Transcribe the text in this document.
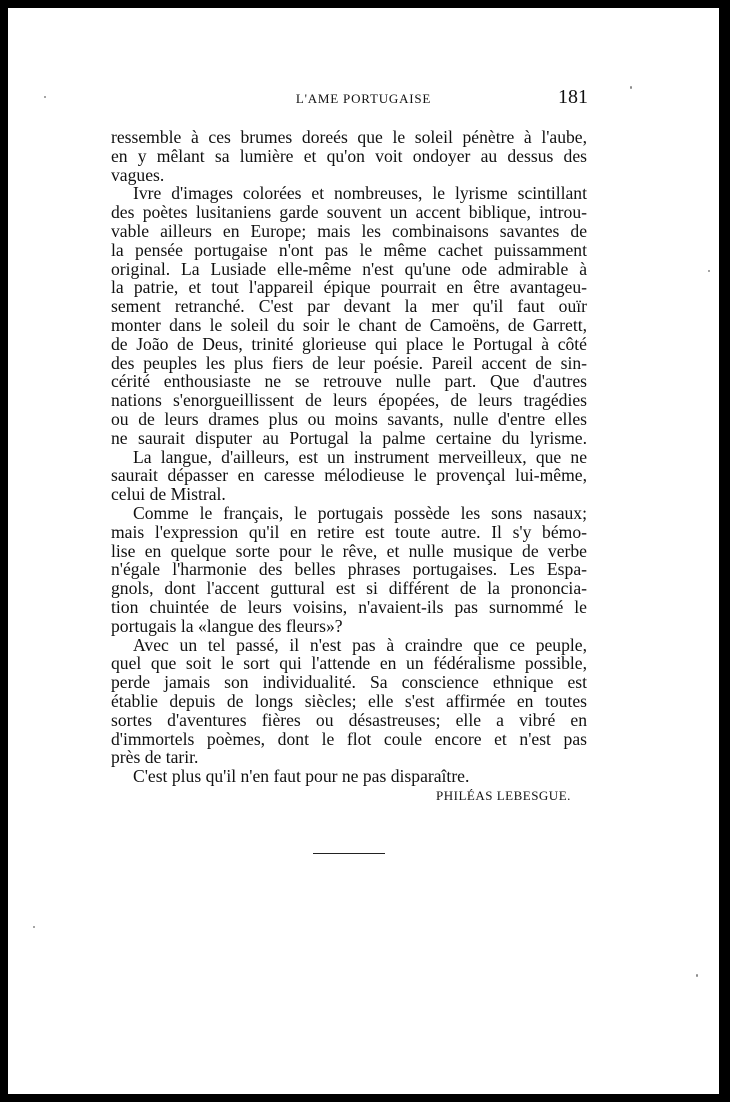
L'AME PORTUGAISE	181
ressemble à ces brumes doreés que le soleil pénètre à l'aube,
en y mêlant sa lumière et qu'on voit ondoyer au dessus des
vagues.
Ivre d'images colorées et nombreuses, le lyrisme scintillant
des poètes lusitaniens garde souvent un accent biblique, introu-
vable ailleurs en Europe; mais les combinaisons savantes de
la pensée portugaise n'ont pas le même cachet puissamment
original. La Lusiade elle-même n'est qu'une ode admirable à
la patrie, et tout l'appareil épique pourrait en être avantageu-
sement retranché. C'est par devant la mer qu'il faut ouïr
monter dans le soleil du soir le chant de Camoëns, de Garrett,
de João de Deus, trinité glorieuse qui place le Portugal à côté
des peuples les plus fiers de leur poésie. Pareil accent de sin-
cérité enthousiaste ne se retrouve nulle part. Que d'autres
nations s'enorgueillissent de leurs épopées, de leurs tragédies
ou de leurs drames plus ou moins savants, nulle d'entre elles
ne saurait disputer au Portugal la palme certaine du lyrisme.
La langue, d'ailleurs, est un instrument merveilleux, que ne
saurait dépasser en caresse mélodieuse le provençal lui-même,
celui de Mistral.
Comme le français, le portugais possède les sons nasaux;
mais l'expression qu'il en retire est toute autre. Il s'y bémo-
lise en quelque sorte pour le rêve, et nulle musique de verbe
n'égale l'harmonie des belles phrases portugaises. Les Espa-
gnols, dont l'accent guttural est si différent de la prononcia-
tion chuintée de leurs voisins, n'avaient-ils pas surnommé le
portugais la «langue des fleurs»?
Avec un tel passé, il n'est pas à craindre que ce peuple,
quel que soit le sort qui l'attende en un fédéralisme possible,
perde jamais son individualité. Sa conscience ethnique est
établie depuis de longs siècles; elle s'est affirmée en toutes
sortes d'aventures fières ou désastreuses; elle a vibré en
d'immortels poèmes, dont le flot coule encore et n'est pas
près de tarir.
C'est plus qu'il n'en faut pour ne pas disparaître.
PHILÉAS LEBESGUE.
